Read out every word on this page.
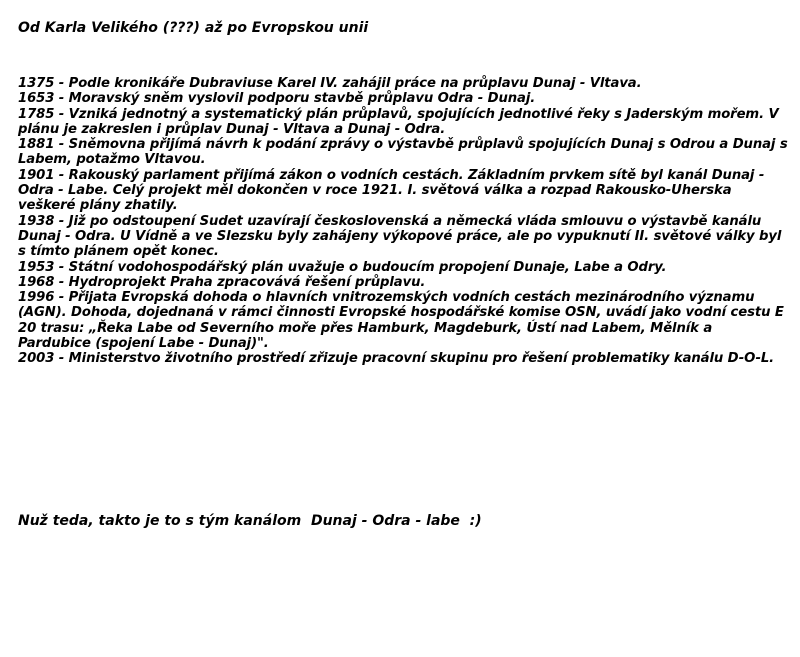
Od Karla Velikého (???) až po Evropskou unii
1375 - Podle kronikáře Dubraviuse Karel IV. zahájil práce na průplavu Dunaj - Vltava.
1653 - Moravský sněm vyslovil podporu stavbě průplavu Odra - Dunaj.
1785 - Vzniká jednotný a systematický plán průplavů, spojujících jednotlivé řeky s Jaderským mořem. V plánu je zakreslen i průplav Dunaj - Vltava a Dunaj - Odra.
1881 - Sněmovna přijímá návrh k podání zprávy o výstavbě průplavů spojujících Dunaj s Odrou a Dunaj s Labem, potažmo Vltavou.
1901 - Rakouský parlament přijímá zákon o vodních cestách. Základním prvkem sítě byl kanál Dunaj - Odra - Labe. Celý projekt měl dokončen v roce 1921. I. světová válka a rozpad Rakousko-Uherska veškeré plány zhatily.
1938 - Již po odstoupení Sudet uzavírají československá a německá vláda smlouvu o výstavbě kanálu Dunaj - Odra. U Vídně a ve Slezsku byly zahájeny výkopové práce, ale po vypuknutí II. světové války byl s tímto plánem opět konec.
1953 - Státní vodohospodářský plán uvažuje o budoucím propojení Dunaje, Labe a Odry.
1968 - Hydroprojekt Praha zpracovává řešení průplavu.
1996 - Přijata Evropská dohoda o hlavních vnitrozemských vodních cestách mezinárodního významu (AGN). Dohoda, dojednaná v rámci činnosti Evropské hospodářské komise OSN, uvádí jako vodní cestu E 20 trasu: „Řeka Labe od Severního moře přes Hamburk, Magdeburk, Ústí nad Labem, Mělník a Pardubice (spojení Labe - Dunaj)".
2003 - Ministerstvo životního prostředí zřizuje pracovní skupinu pro řešení problematiky kanálu D-O-L.
Nuž teda, takto je to s tým kanálom  Dunaj - Odra - labe  :)
